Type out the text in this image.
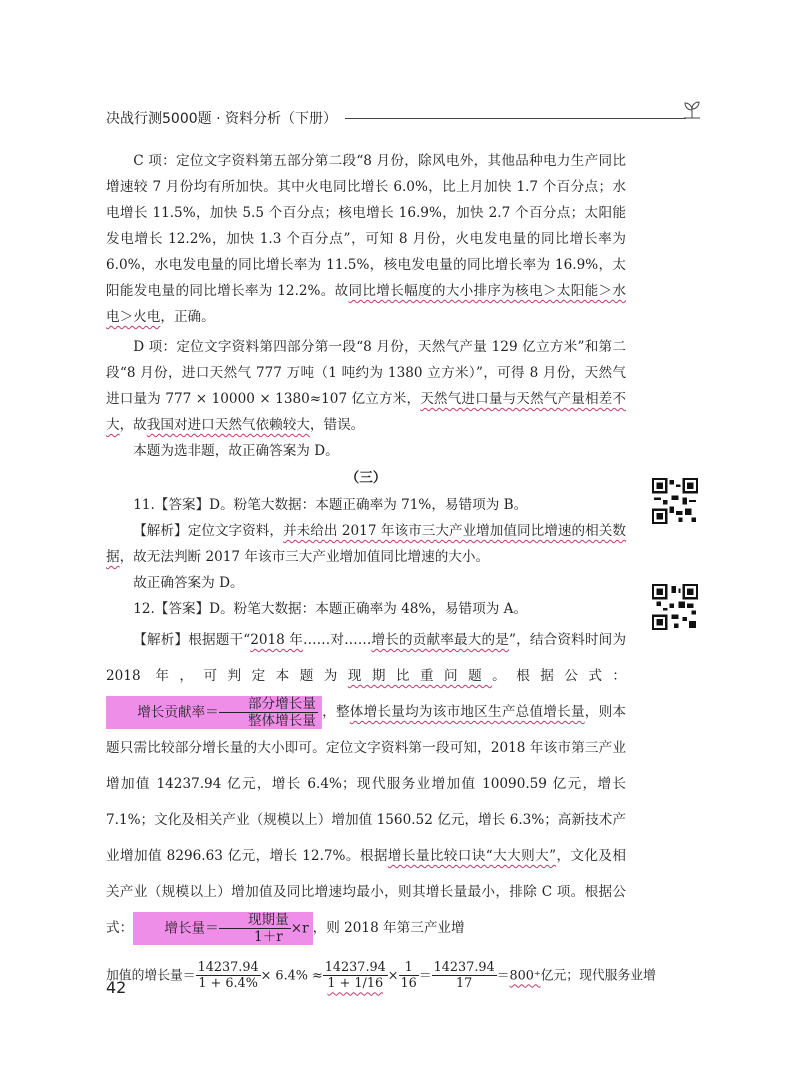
决战行测5000题 · 资料分析（下册）

C 项：定位文字资料第五部分第二段“8 月份，除风电外，其他品种电力生产同比增速较 7 月份均有所加快。其中火电同比增长 6.0%，比上月加快 1.7 个百分点；水电增长 11.5%，加快 5.5 个百分点；核电增长 16.9%，加快 2.7 个百分点；太阳能发电增长 12.2%，加快 1.3 个百分点”，可知 8 月份，火电发电量的同比增长率为 6.0%，水电发电量的同比增长率为 11.5%，核电发电量的同比增长率为 16.9%，太阳能发电量的同比增长率为 12.2%。故同比增长幅度的大小排序为核电＞太阳能＞水电＞火电，正确。

D 项：定位文字资料第四部分第一段“8 月份，天然气产量 129 亿立方米”和第二段“8 月份，进口天然气 777 万吨（1 吨约为 1380 立方米）”，可得 8 月份，天然气进口量为 777 × 10000 × 1380≈107 亿立方米，天然气进口量与天然气产量相差不大，故我国对进口天然气依赖较大，错误。

本题为选非题，故正确答案为 D。

（三）

11.【答案】D。粉笔大数据：本题正确率为 71%，易错项为 B。

【解析】定位文字资料，并未给出 2017 年该市三大产业增加值同比增速的相关数据，故无法判断 2017 年该市三大产业增加值同比增速的大小。

故正确答案为 D。

12.【答案】D。粉笔大数据：本题正确率为 48%，易错项为 A。

【解析】根据题干“2018 年……对……增长的贡献率最大的是”，结合资料时间为 2018 年，可判定本题为现期比重问题。根据公式：增长贡献率＝ $\frac{\text{部分增长量}}{\text{整体增长量}}$ ，整体增长量均为该市地区生产总值增长量，则本题只需比较部分增长量的大小即可。定位文字资料第一段可知，2018 年该市第三产业增加值 14237.94 亿元，增长 6.4%；现代服务业增加值 10090.59 亿元，增长 7.1%；文化及相关产业（规模以上）增加值 1560.52 亿元，增长 6.3%；高新技术产业增加值 8296.63 亿元，增长 12.7%。根据增长量比较口诀“大大则大”，文化及相关产业（规模以上）增加值及同比增速均最小，则其增长量最小，排除 C 项。根据公式： 增长量＝ $\frac{\text{现期量}}{1+r} \times r$ ，则 2018 年第三产业增

加值的增长量＝ $\frac{14237.94}{1 + 6.4\%} \times 6.4\% \approx \frac{14237.94}{1 + 1/16} \times \frac{1}{16} = \frac{14237.94}{17} =800^+$亿元；现代服务业增

42
